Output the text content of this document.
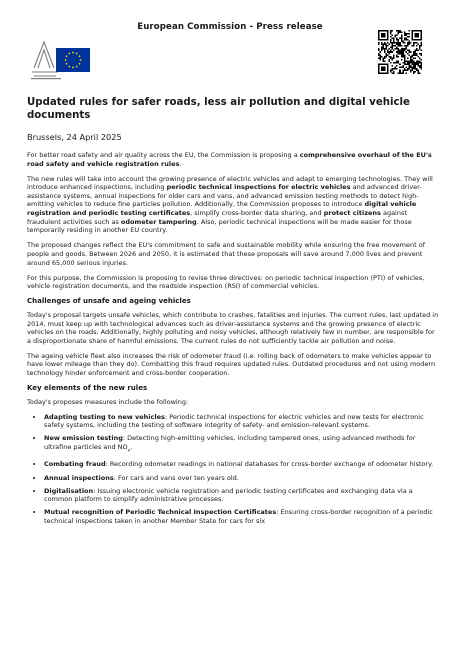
European Commission - Press release
Updated rules for safer roads, less air pollution and digital vehicle documents
Brussels, 24 April 2025

For better road safety and air quality across the EU, the Commission is proposing a comprehensive overhaul of the EU's road safety and vehicle registration rules.

The new rules will take into account the growing presence of electric vehicles and adapt to emerging technologies. They will introduce enhanced inspections, including periodic technical inspections for electric vehicles and advanced driver-assistance systems, annual inspections for older cars and vans, and advanced emission testing methods to detect high-emitting vehicles to reduce fine particles pollution. Additionally, the Commission proposes to introduce digital vehicle registration and periodic testing certificates, simplify cross-border data sharing, and protect citizens against fraudulent activities such as odometer tampering. Also, periodic technical inspections will be made easier for those temporarily residing in another EU country.

The proposed changes reflect the EU's commitment to safe and sustainable mobility while ensuring the free movement of people and goods. Between 2026 and 2050, it is estimated that these proposals will save around 7,000 lives and prevent around 65,000 serious injuries.

For this purpose, the Commission is proposing to revise three directives: on periodic technical inspection (PTI) of vehicles, vehicle registration documents, and the roadside inspection (RSI) of commercial vehicles.

Challenges of unsafe and ageing vehicles

Today's proposal targets unsafe vehicles, which contribute to crashes, fatalities and injuries. The current rules, last updated in 2014, must keep up with technological advances such as driver-assistance systems and the growing presence of electric vehicles on the roads. Additionally, highly polluting and noisy vehicles, although relatively few in number, are responsible for a disproportionate share of harmful emissions. The current rules do not sufficiently tackle air pollution and noise.

The ageing vehicle fleet also increases the risk of odometer fraud (i.e. rolling back of odometers to make vehicles appear to have lower mileage than they do). Combatting this fraud requires updated rules. Outdated procedures and not using modern technology hinder enforcement and cross-border cooperation.

Key elements of the new rules

Today's proposes measures include the following:

• Adapting testing to new vehicles: Periodic technical inspections for electric vehicles and new tests for electronic safety systems, including the testing of software integrity of safety- and emission-relevant systems.
• New emission testing: Detecting high-emitting vehicles, including tampered ones, using advanced methods for ultrafine particles and $NO_x$.
• Combating fraud: Recording odometer readings in national databases for cross-border exchange of odometer history.
• Annual inspections: For cars and vans over ten years old.
• Digitalisation: Issuing electronic vehicle registration and periodic testing certificates and exchanging data via a common platform to simplify administrative processes.
• Mutual recognition of Periodic Technical Inspection Certificates: Ensuring cross-border recognition of a periodic technical inspections taken in another Member State for cars for six
